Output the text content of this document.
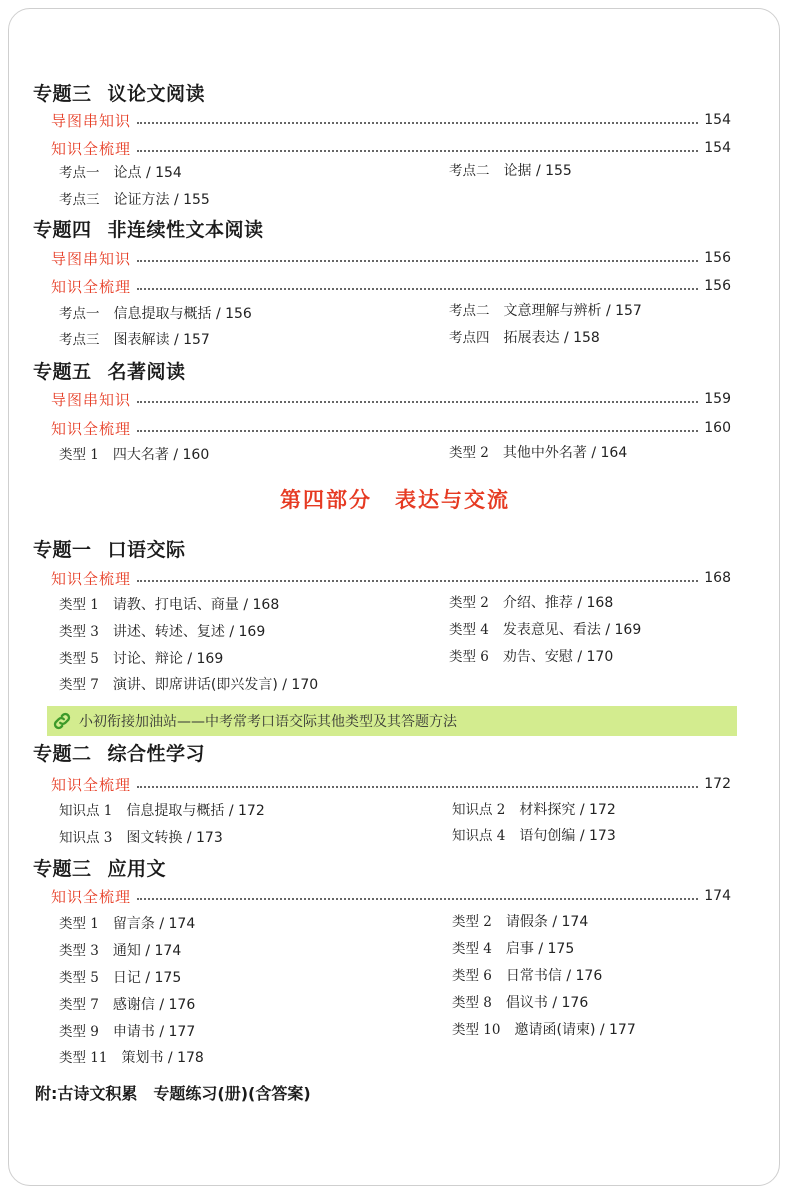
专题三 议论文阅读
导图串知识	154
知识全梳理	154
考点一 论点 / 154	考点二 论据 / 155
考点三 论证方法 / 155
专题四 非连续性文本阅读
导图串知识	156
知识全梳理	156
考点一 信息提取与概括 / 156	考点二 文意理解与辨析 / 157
考点三 图表解读 / 157	考点四 拓展表达 / 158
专题五 名著阅读
导图串知识	159
知识全梳理	160
类型 1 四大名著 / 160	类型 2 其他中外名著 / 164
第四部分　表达与交流
专题一 口语交际
知识全梳理	168
类型 1 请教、打电话、商量 / 168	类型 2 介绍、推荐 / 168
类型 3 讲述、转述、复述 / 169	类型 4 发表意见、看法 / 169
类型 5 讨论、辩论 / 169	类型 6 劝告、安慰 / 170
类型 7 演讲、即席讲话(即兴发言) / 170
小初衔接加油站——中考常考口语交际其他类型及其答题方法
专题二 综合性学习
知识全梳理	172
知识点 1 信息提取与概括 / 172	知识点 2 材料探究 / 172
知识点 3 图文转换 / 173	知识点 4 语句创编 / 173
专题三 应用文
知识全梳理	174
类型 1 留言条 / 174	类型 2 请假条 / 174
类型 3 通知 / 174	类型 4 启事 / 175
类型 5 日记 / 175	类型 6 日常书信 / 176
类型 7 感谢信 / 176	类型 8 倡议书 / 176
类型 9 申请书 / 177	类型 10 邀请函(请柬) / 177
类型 11 策划书 / 178
附:古诗文积累　专题练习(册)(含答案)
